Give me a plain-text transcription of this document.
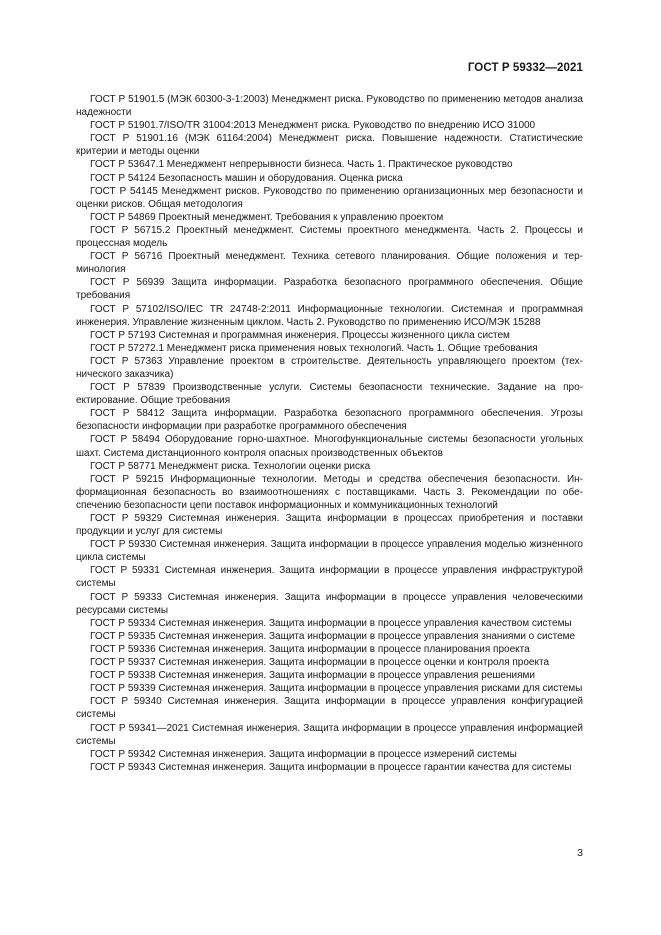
ГОСТ Р 59332—2021

ГОСТ Р 51901.5 (МЭК 60300-3-1:2003) Менеджмент риска. Руководство по применению методов анализа надежности

ГОСТ Р 51901.7/ISO/TR 31004:2013 Менеджмент риска. Руководство по внедрению ИСО 31000

ГОСТ Р 51901.16 (МЭК 61164:2004) Менеджмент риска. Повышение надежности. Статистические критерии и методы оценки

ГОСТ Р 53647.1 Менеджмент непрерывности бизнеса. Часть 1. Практическое руководство

ГОСТ Р 54124 Безопасность машин и оборудования. Оценка риска

ГОСТ Р 54145 Менеджмент рисков. Руководство по применению организационных мер безопасности и оценки рисков. Общая методология

ГОСТ Р 54869 Проектный менеджмент. Требования к управлению проектом

ГОСТ Р 56715.2 Проектный менеджмент. Системы проектного менеджмента. Часть 2. Процессы и процессная модель

ГОСТ Р 56716 Проектный менеджмент. Техника сетевого планирования. Общие положения и терминология

ГОСТ Р 56939 Защита информации. Разработка безопасного программного обеспечения. Общие требования

ГОСТ Р 57102/ISO/IEC TR 24748-2:2011 Информационные технологии. Системная и программная инженерия. Управление жизненным циклом. Часть 2. Руководство по применению ИСО/МЭК 15288

ГОСТ Р 57193 Системная и программная инженерия. Процессы жизненного цикла систем

ГОСТ Р 57272.1 Менеджмент риска применения новых технологий. Часть 1. Общие требования

ГОСТ Р 57363 Управление проектом в строительстве. Деятельность управляющего проектом (технического заказчика)

ГОСТ Р 57839 Производственные услуги. Системы безопасности технические. Задание на проектирование. Общие требования

ГОСТ Р 58412 Защита информации. Разработка безопасного программного обеспечения. Угрозы безопасности информации при разработке программного обеспечения

ГОСТ Р 58494 Оборудование горно-шахтное. Многофункциональные системы безопасности угольных шахт. Система дистанционного контроля опасных производственных объектов

ГОСТ Р 58771 Менеджмент риска. Технологии оценки риска

ГОСТ Р 59215 Информационные технологии. Методы и средства обеспечения безопасности. Информационная безопасность во взаимоотношениях с поставщиками. Часть 3. Рекомендации по обеспечению безопасности цепи поставок информационных и коммуникационных технологий

ГОСТ Р 59329 Системная инженерия. Защита информации в процессах приобретения и поставки продукции и услуг для системы

ГОСТ Р 59330 Системная инженерия. Защита информации в процессе управления моделью жизненного цикла системы

ГОСТ Р 59331 Системная инженерия. Защита информации в процессе управления инфраструктурой системы

ГОСТ Р 59333 Системная инженерия. Защита информации в процессе управления человеческими ресурсами системы

ГОСТ Р 59334 Системная инженерия. Защита информации в процессе управления качеством системы

ГОСТ Р 59335 Системная инженерия. Защита информации в процессе управления знаниями о системе

ГОСТ Р 59336 Системная инженерия. Защита информации в процессе планирования проекта

ГОСТ Р 59337 Системная инженерия. Защита информации в процессе оценки и контроля проекта

ГОСТ Р 59338 Системная инженерия. Защита информации в процессе управления решениями

ГОСТ Р 59339 Системная инженерия. Защита информации в процессе управления рисками для системы

ГОСТ Р 59340 Системная инженерия. Защита информации в процессе управления конфигурацией системы

ГОСТ Р 59341—2021 Системная инженерия. Защита информации в процессе управления информацией системы

ГОСТ Р 59342 Системная инженерия. Защита информации в процессе измерений системы

ГОСТ Р 59343 Системная инженерия. Защита информации в процессе гарантии качества для системы

3
